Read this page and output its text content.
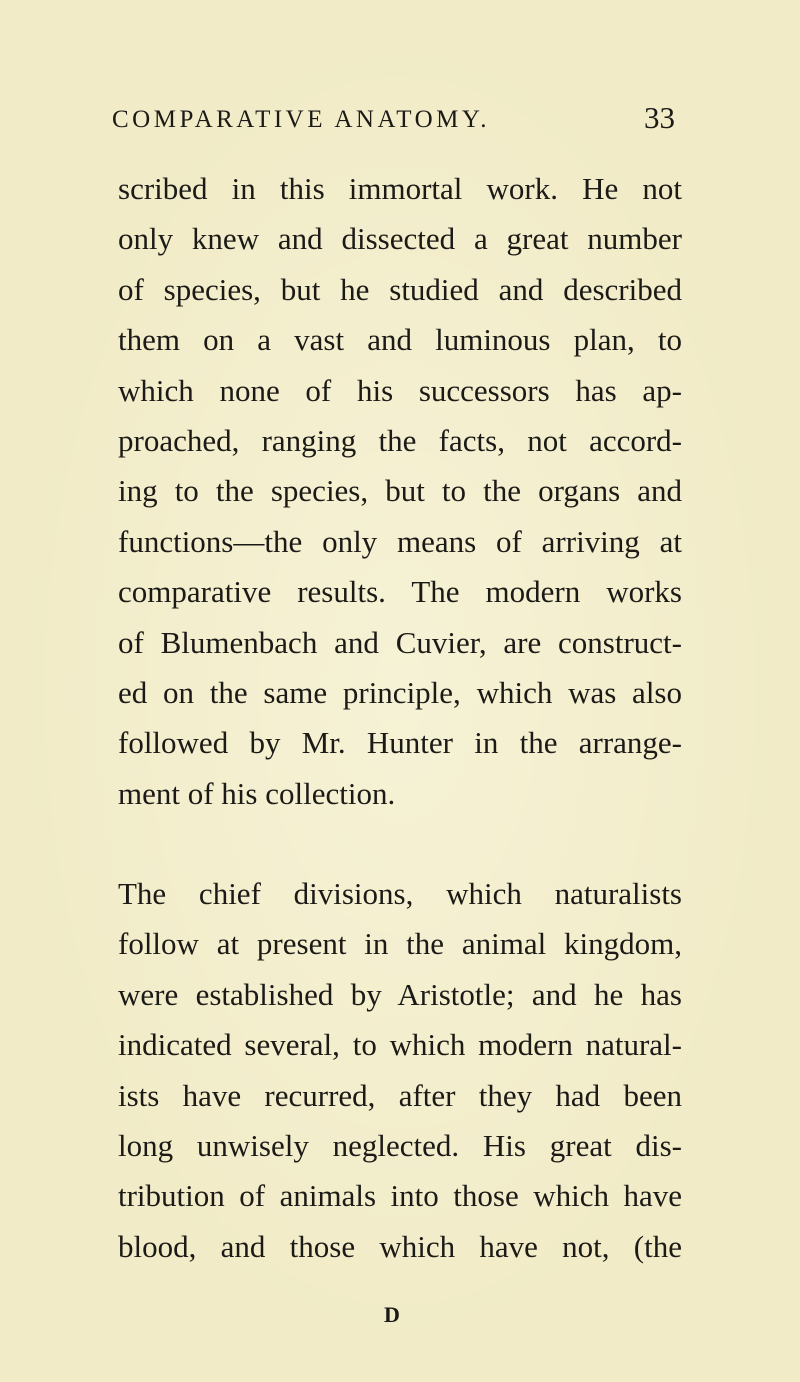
COMPARATIVE ANATOMY.	33
scribed in this immortal work. He not
only knew and dissected a great number
of species, but he studied and described
them on a vast and luminous plan, to
which none of his successors has ap-
proached, ranging the facts, not accord-
ing to the species, but to the organs and
functions—the only means of arriving at
comparative results. The modern works
of Blumenbach and Cuvier, are construct-
ed on the same principle, which was also
followed by Mr. Hunter in the arrange-
ment of his collection.
The chief divisions, which naturalists
follow at present in the animal kingdom,
were established by Aristotle; and he has
indicated several, to which modern natural-
ists have recurred, after they had been
long unwisely neglected. His great dis-
tribution of animals into those which have
blood, and those which have not, (the
D
